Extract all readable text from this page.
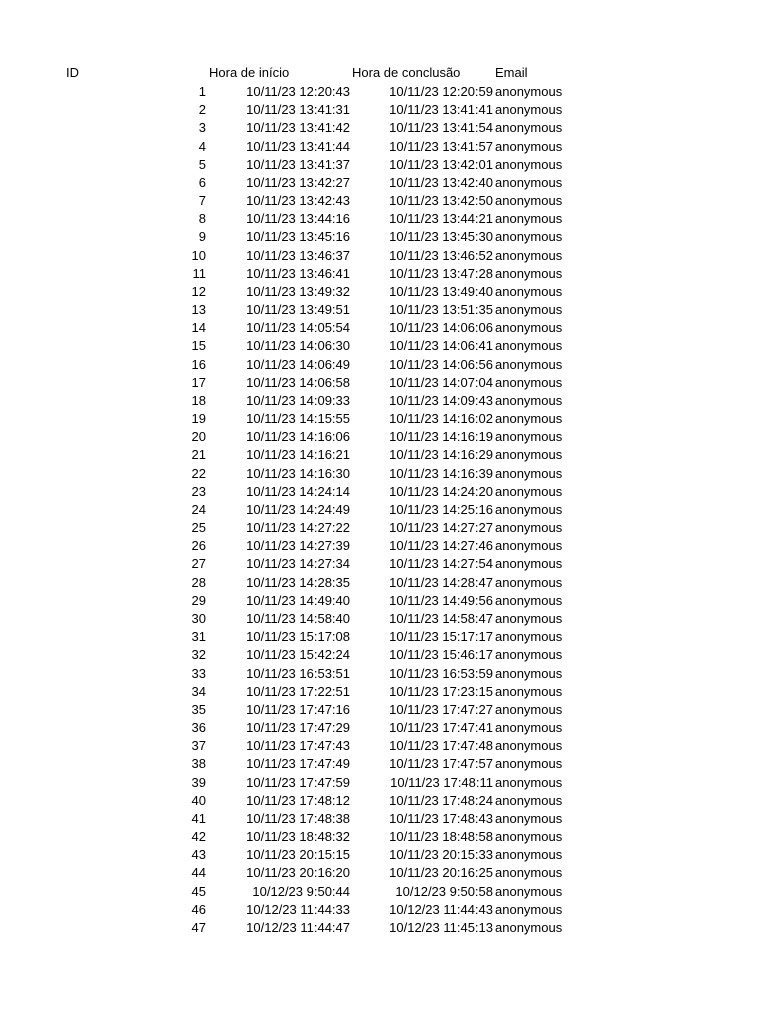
ID	Hora de início	Hora de conclusão	Email
1	10/11/23 12:20:43	10/11/23 12:20:59 anonymous
2	10/11/23 13:41:31	10/11/23 13:41:41 anonymous
3	10/11/23 13:41:42	10/11/23 13:41:54 anonymous
4	10/11/23 13:41:44	10/11/23 13:41:57 anonymous
5	10/11/23 13:41:37	10/11/23 13:42:01 anonymous
6	10/11/23 13:42:27	10/11/23 13:42:40 anonymous
7	10/11/23 13:42:43	10/11/23 13:42:50 anonymous
8	10/11/23 13:44:16	10/11/23 13:44:21 anonymous
9	10/11/23 13:45:16	10/11/23 13:45:30 anonymous
10	10/11/23 13:46:37	10/11/23 13:46:52 anonymous
11	10/11/23 13:46:41	10/11/23 13:47:28 anonymous
12	10/11/23 13:49:32	10/11/23 13:49:40 anonymous
13	10/11/23 13:49:51	10/11/23 13:51:35 anonymous
14	10/11/23 14:05:54	10/11/23 14:06:06 anonymous
15	10/11/23 14:06:30	10/11/23 14:06:41 anonymous
16	10/11/23 14:06:49	10/11/23 14:06:56 anonymous
17	10/11/23 14:06:58	10/11/23 14:07:04 anonymous
18	10/11/23 14:09:33	10/11/23 14:09:43 anonymous
19	10/11/23 14:15:55	10/11/23 14:16:02 anonymous
20	10/11/23 14:16:06	10/11/23 14:16:19 anonymous
21	10/11/23 14:16:21	10/11/23 14:16:29 anonymous
22	10/11/23 14:16:30	10/11/23 14:16:39 anonymous
23	10/11/23 14:24:14	10/11/23 14:24:20 anonymous
24	10/11/23 14:24:49	10/11/23 14:25:16 anonymous
25	10/11/23 14:27:22	10/11/23 14:27:27 anonymous
26	10/11/23 14:27:39	10/11/23 14:27:46 anonymous
27	10/11/23 14:27:34	10/11/23 14:27:54 anonymous
28	10/11/23 14:28:35	10/11/23 14:28:47 anonymous
29	10/11/23 14:49:40	10/11/23 14:49:56 anonymous
30	10/11/23 14:58:40	10/11/23 14:58:47 anonymous
31	10/11/23 15:17:08	10/11/23 15:17:17 anonymous
32	10/11/23 15:42:24	10/11/23 15:46:17 anonymous
33	10/11/23 16:53:51	10/11/23 16:53:59 anonymous
34	10/11/23 17:22:51	10/11/23 17:23:15 anonymous
35	10/11/23 17:47:16	10/11/23 17:47:27 anonymous
36	10/11/23 17:47:29	10/11/23 17:47:41 anonymous
37	10/11/23 17:47:43	10/11/23 17:47:48 anonymous
38	10/11/23 17:47:49	10/11/23 17:47:57 anonymous
39	10/11/23 17:47:59	10/11/23 17:48:11 anonymous
40	10/11/23 17:48:12	10/11/23 17:48:24 anonymous
41	10/11/23 17:48:38	10/11/23 17:48:43 anonymous
42	10/11/23 18:48:32	10/11/23 18:48:58 anonymous
43	10/11/23 20:15:15	10/11/23 20:15:33 anonymous
44	10/11/23 20:16:20	10/11/23 20:16:25 anonymous
45	10/12/23 9:50:44	10/12/23 9:50:58 anonymous
46	10/12/23 11:44:33	10/12/23 11:44:43 anonymous
47	10/12/23 11:44:47	10/12/23 11:45:13 anonymous
